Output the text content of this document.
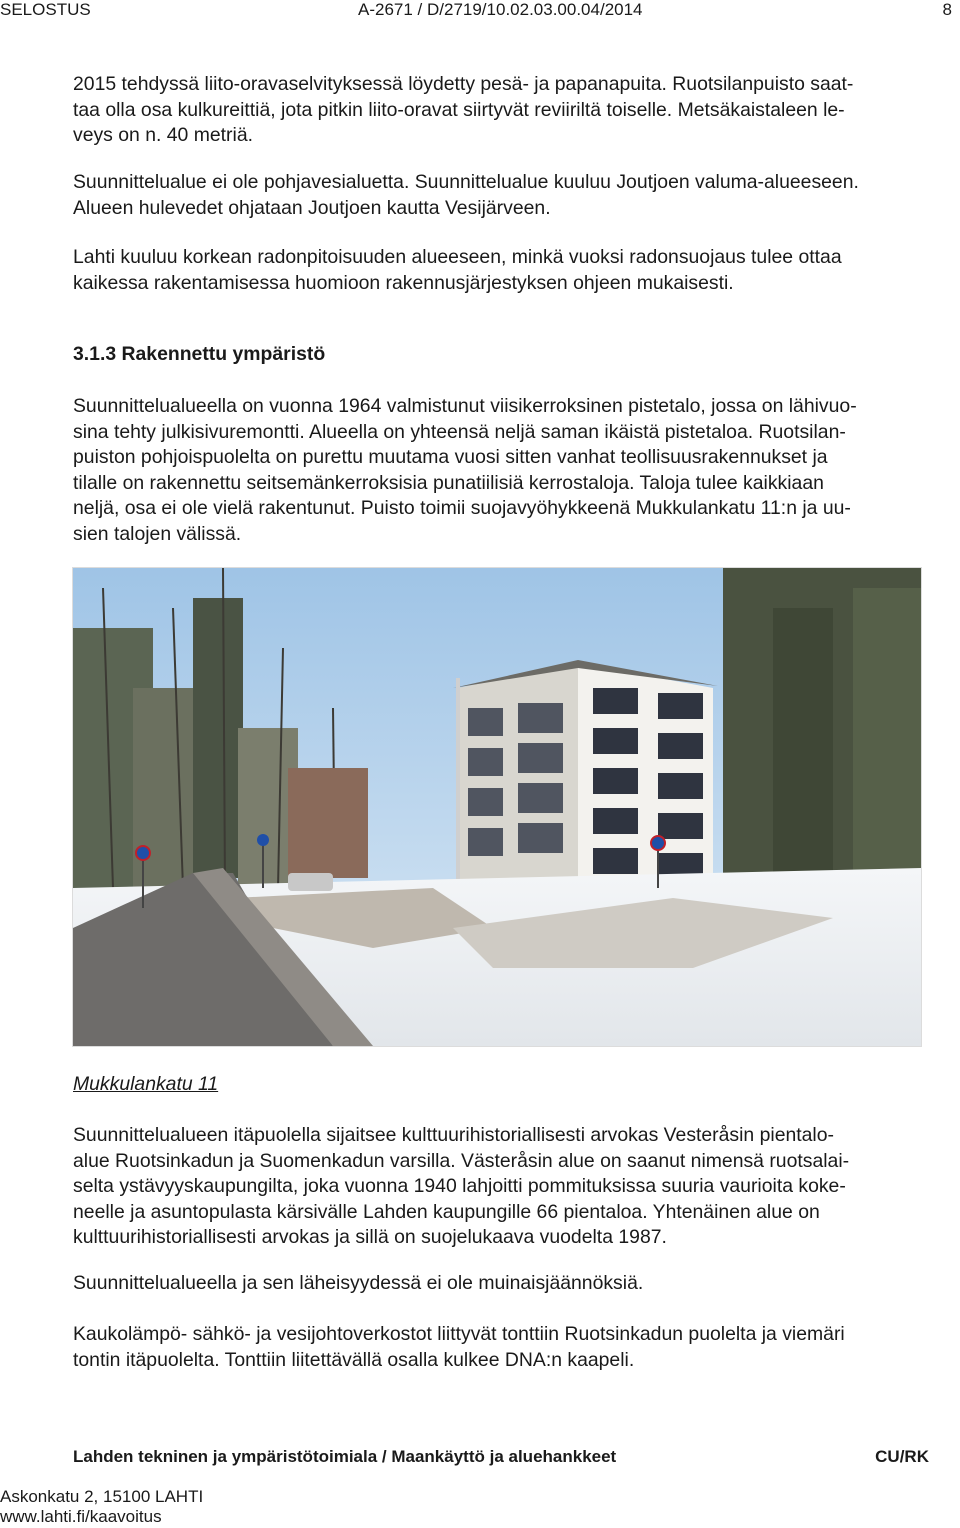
SELOSTUS	A-2671 / D/2719/10.02.03.00.04/2014	8

2015 tehdyssä liito-oravaselvityksessä löydetty pesä- ja papanapuita. Ruotsilanpuisto saat-
taa olla osa kulkureittiä, jota pitkin liito-oravat siirtyvät reviiriltä toiselle. Metsäkaistaleen le-
veys on n. 40 metriä.

Suunnittelualue ei ole pohjavesialuetta. Suunnittelualue kuuluu Joutjoen valuma-alueeseen.
Alueen hulevedet ohjataan Joutjoen kautta Vesijärveen.

Lahti kuuluu korkean radonpitoisuuden alueeseen, minkä vuoksi radonsuojaus tulee ottaa
kaikessa rakentamisessa huomioon rakennusjärjestyksen ohjeen mukaisesti.

3.1.3 Rakennettu ympäristö

Suunnittelualueella on vuonna 1964 valmistunut viisikerroksinen pistetalo, jossa on lähivuo-
sina tehty julkisivuremontti. Alueella on yhteensä neljä saman ikäistä pistetaloa. Ruotsilan-
puiston pohjoispuolelta on purettu muutama vuosi sitten vanhat teollisuusrakennukset ja
tilalle on rakennettu seitsemänkerroksisia punatiilisiä kerrostaloja. Taloja tulee kaikkiaan
neljä, osa ei ole vielä rakentunut. Puisto toimii suojavyöhykkeenä Mukkulankatu 11:n ja uu-
sien talojen välissä.

Mukkulankatu 11

Suunnittelualueen itäpuolella sijaitsee kulttuurihistoriallisesti arvokas Vesteråsin pientalo-
alue Ruotsinkadun ja Suomenkadun varsilla. Västeråsin alue on saanut nimensä ruotsalai-
selta ystävyyskaupungilta, joka vuonna 1940 lahjoitti pommituksissa suuria vaurioita koke-
neelle ja asuntopulasta kärsivälle Lahden kaupungille 66 pientaloa. Yhtenäinen alue on
kulttuurihistoriallisesti arvokas ja sillä on suojelukaava vuodelta 1987.

Suunnittelualueella ja sen läheisyydessä ei ole muinaisjäännöksiä.

Kaukolämpö- sähkö- ja vesijohtoverkostot liittyvät tonttiin Ruotsinkadun puolelta ja viemäri
tontin itäpuolelta. Tonttiin liitettävällä osalla kulkee DNA:n kaapeli.

Lahden tekninen ja ympäristötoimiala / Maankäyttö ja aluehankkeet	CU/RK
Askonkatu 2, 15100 LAHTI
www.lahti.fi/kaavoitus
